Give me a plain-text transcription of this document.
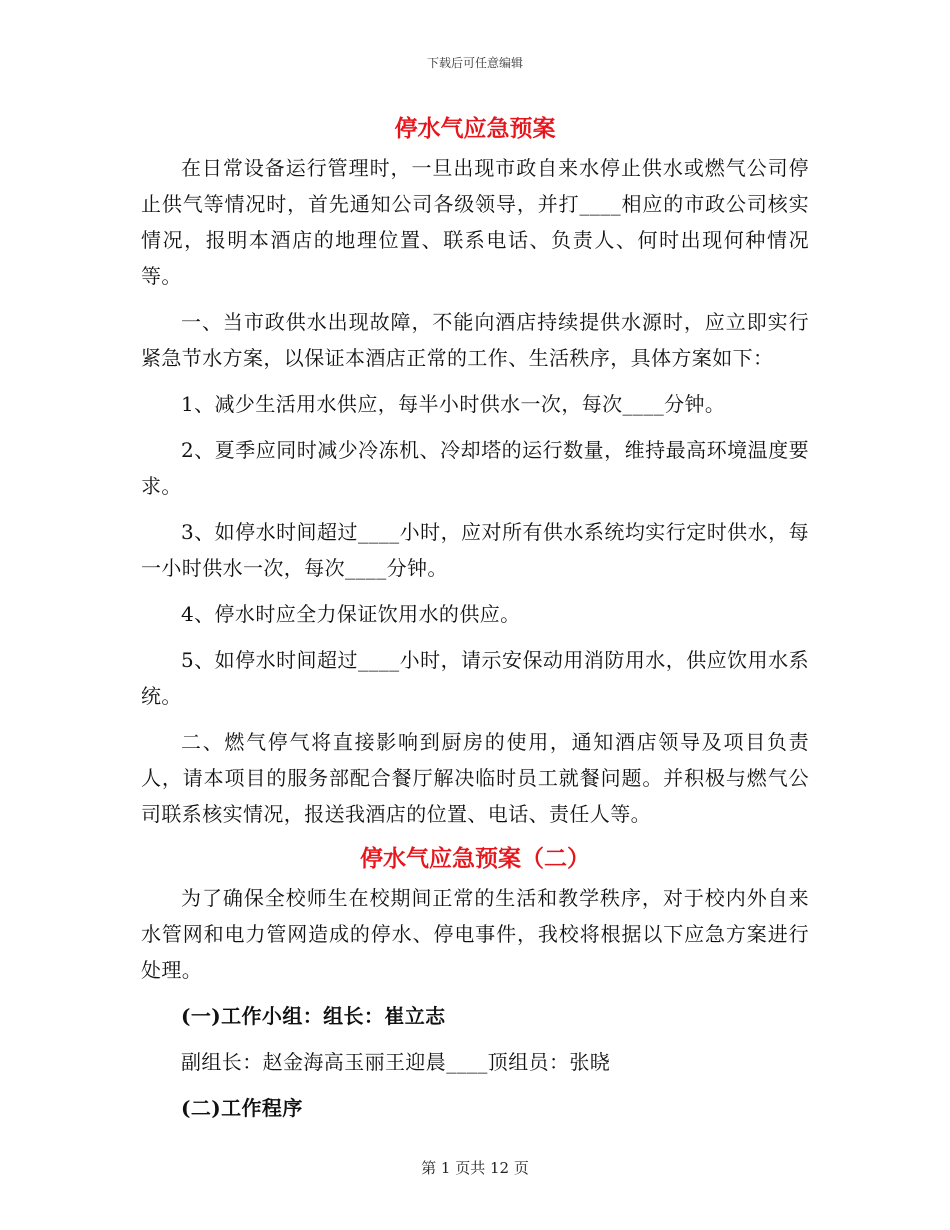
下载后可任意编辑
停水气应急预案

在日常设备运行管理时，一旦出现市政自来水停止供水或燃气公司停止供气等情况时，首先通知公司各级领导，并打____相应的市政公司核实情况，报明本酒店的地理位置、联系电话、负责人、何时出现何种情况等。

一、当市政供水出现故障，不能向酒店持续提供水源时，应立即实行紧急节水方案，以保证本酒店正常的工作、生活秩序，具体方案如下：

1、减少生活用水供应，每半小时供水一次，每次____分钟。

2、夏季应同时减少冷冻机、冷却塔的运行数量，维持最高环境温度要求。

3、如停水时间超过____小时，应对所有供水系统均实行定时供水，每一小时供水一次，每次____分钟。

4、停水时应全力保证饮用水的供应。

5、如停水时间超过____小时，请示安保动用消防用水，供应饮用水系统。

二、燃气停气将直接影响到厨房的使用，通知酒店领导及项目负责人，请本项目的服务部配合餐厅解决临时员工就餐问题。并积极与燃气公司联系核实情况，报送我酒店的位置、电话、责任人等。

停水气应急预案（二）

为了确保全校师生在校期间正常的生活和教学秩序，对于校内外自来水管网和电力管网造成的停水、停电事件，我校将根据以下应急方案进行处理。

(一)工作小组：组长：崔立志

副组长：赵金海高玉丽王迎晨____顶组员：张晓

(二)工作程序

第 1 页共 12 页
